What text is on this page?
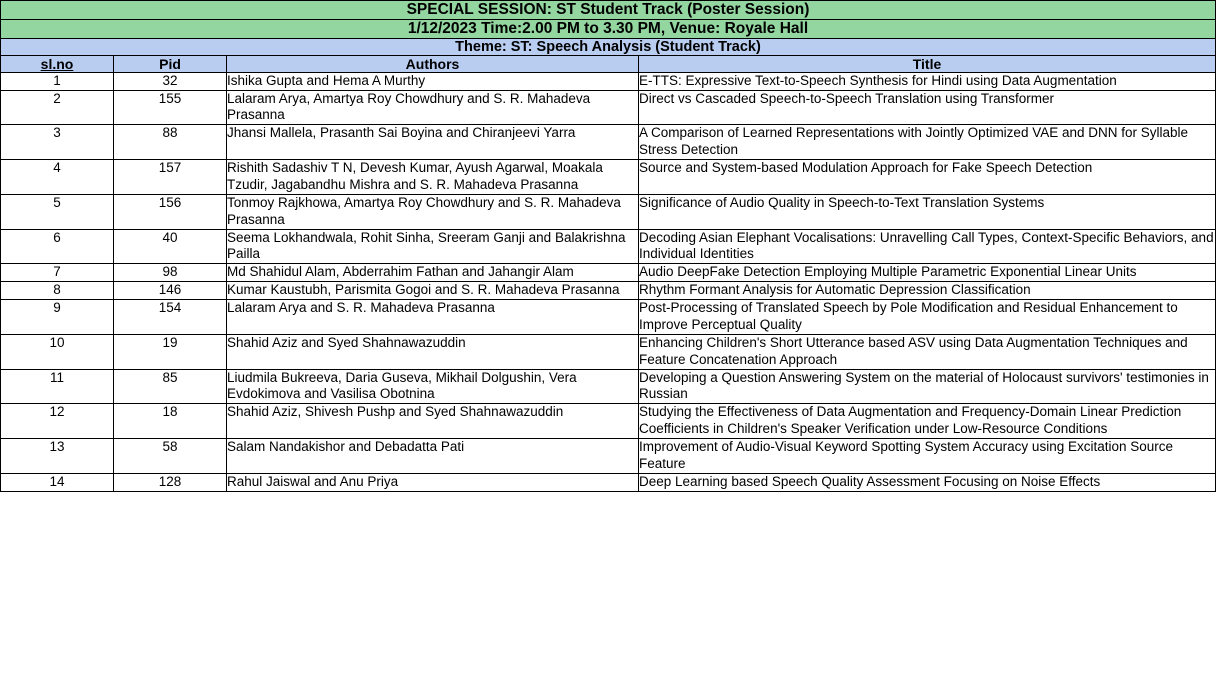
SPECIAL SESSION: ST Student Track (Poster Session)			
1/12/2023 Time:2.00 PM to 3.30 PM, Venue: Royale Hall			
Theme: ST: Speech Analysis (Student Track)			
sl.no	Pid	Authors	Title
1	32	Ishika Gupta and Hema A Murthy	E-TTS: Expressive Text-to-Speech Synthesis for Hindi using Data Augmentation
2	155	Lalaram Arya, Amartya Roy Chowdhury and S. R. Mahadeva Prasanna	Direct vs Cascaded Speech-to-Speech Translation using Transformer
3	88	Jhansi Mallela, Prasanth Sai Boyina and Chiranjeevi Yarra	A Comparison of Learned Representations with Jointly Optimized VAE and DNN for Syllable Stress Detection
4	157	Rishith Sadashiv T N, Devesh Kumar, Ayush Agarwal, Moakala Tzudir, Jagabandhu Mishra and S. R. Mahadeva Prasanna	Source and System-based Modulation Approach for Fake Speech Detection
5	156	Tonmoy Rajkhowa, Amartya Roy Chowdhury and S. R. Mahadeva Prasanna	Significance of Audio Quality in Speech-to-Text Translation Systems
6	40	Seema Lokhandwala, Rohit Sinha, Sreeram Ganji and Balakrishna Pailla	Decoding Asian Elephant Vocalisations: Unravelling Call Types, Context-Specific Behaviors, and Individual Identities
7	98	Md Shahidul Alam, Abderrahim Fathan and Jahangir Alam	Audio DeepFake Detection Employing Multiple Parametric Exponential Linear Units
8	146	Kumar Kaustubh, Parismita Gogoi and S. R. Mahadeva Prasanna	Rhythm Formant Analysis for Automatic Depression Classification
9	154	Lalaram Arya and S. R. Mahadeva Prasanna	Post-Processing of Translated Speech by Pole Modification and Residual Enhancement to Improve Perceptual Quality
10	19	Shahid Aziz and Syed Shahnawazuddin	Enhancing Children's Short Utterance based ASV using Data Augmentation Techniques and Feature Concatenation Approach
11	85	Liudmila Bukreeva, Daria Guseva, Mikhail Dolgushin, Vera Evdokimova and Vasilisa Obotnina	Developing a Question Answering System on the material of Holocaust survivors' testimonies in Russian
12	18	Shahid Aziz, Shivesh Pushp and Syed Shahnawazuddin	Studying the Effectiveness of Data Augmentation and Frequency-Domain Linear Prediction Coefficients in Children's Speaker Verification under Low-Resource Conditions
13	58	Salam Nandakishor and Debadatta Pati	Improvement of Audio-Visual Keyword Spotting System Accuracy using Excitation Source Feature
14	128	Rahul Jaiswal and Anu Priya	Deep Learning based Speech Quality Assessment Focusing on Noise Effects
